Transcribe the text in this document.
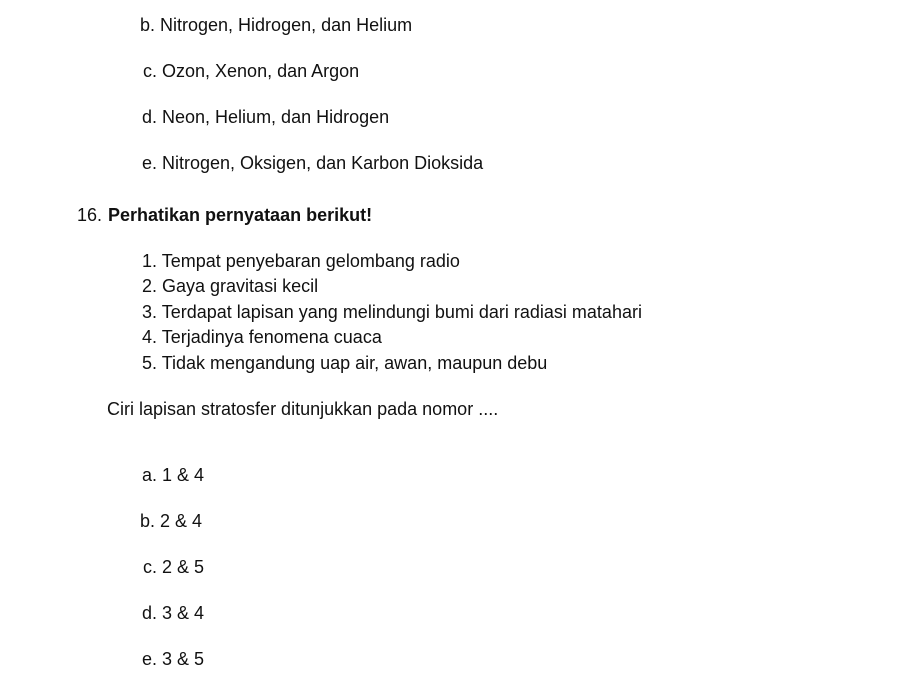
b. Nitrogen, Hidrogen, dan Helium
c. Ozon, Xenon, dan Argon
d. Neon, Helium, dan Hidrogen
e. Nitrogen, Oksigen, dan Karbon Dioksida
16. Perhatikan pernyataan berikut!
1. Tempat penyebaran gelombang radio
2. Gaya gravitasi kecil
3. Terdapat lapisan yang melindungi bumi dari radiasi matahari
4. Terjadinya fenomena cuaca
5. Tidak mengandung uap air, awan, maupun debu
Ciri lapisan stratosfer ditunjukkan pada nomor ....
a. 1 & 4
b. 2 & 4
c. 2 & 5
d. 3 & 4
e. 3 & 5
